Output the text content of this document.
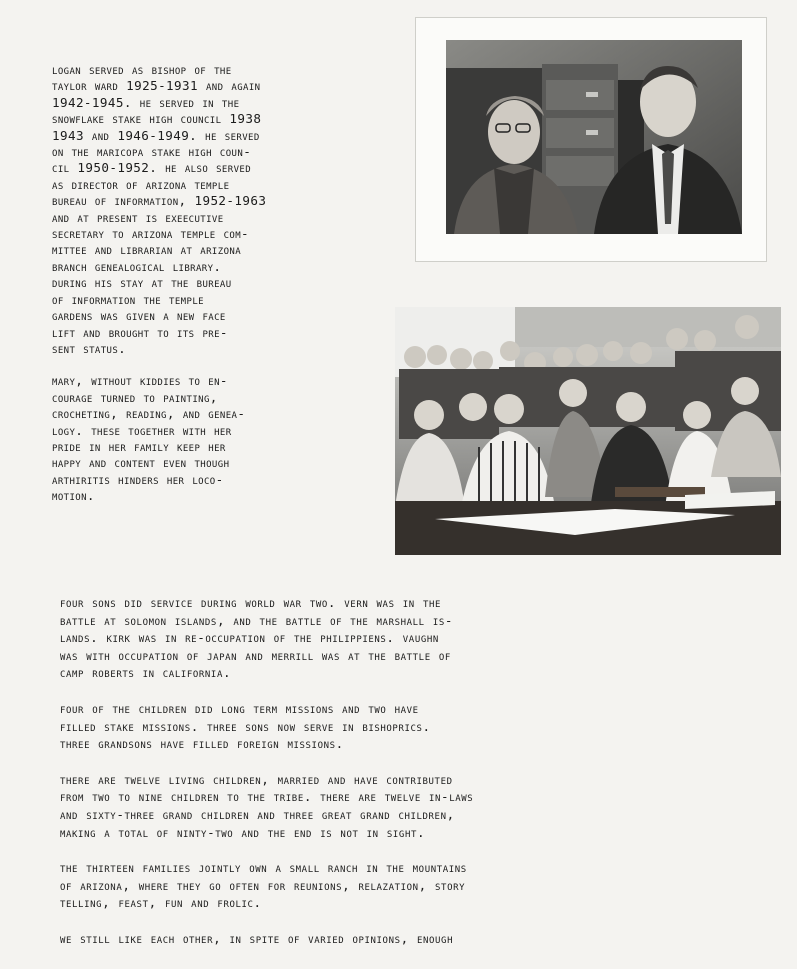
logan served as bishop of the
taylor ward 1925-1931 and again
1942-1945. he served in the
snowflake stake high council 1938
1943 and 1946-1949. he served
on the maricopa stake high coun-
cil 1950-1952. he also served
as director of arizona temple
bureau of information, 1952-1963
and at present is exeecutive
secretary to arizona temple com-
mittee and librarian at arizona
branch genealogical library.
during his stay at the bureau
of information the temple
gardens was given a new face
lift and brought to its pre-
sent status.

mary, without kiddies to en-
courage turned to painting,
crocheting, reading, and genea-
logy. these together with her
pride in her family keep her
happy and content even though
arthiritis hinders her loco-
motion.

four sons did service during world war two. vern was in the
battle at solomon islands, and the battle of the marshall is-
lands. kirk was in re-occupation of the philippiens. vaughn
was with occupation of japan and merrill was at the battle of
camp roberts in california.

four of the children did long term missions and two have
filled stake missions. three sons now serve in bishoprics.
three grandsons have filled foreign missions.

there are twelve living children, married and have contributed
from two to nine children to the tribe. there are twelve in-laws
and sixty-three grand children and three great grand children,
making a total of ninty-two and the end is not in sight.

the thirteen families jointly own a small ranch in the mountains
of arizona, where they go often for reunions, relazation, story
telling, feast, fun and frolic.

we still like each other, in spite of varied opinions, enough
